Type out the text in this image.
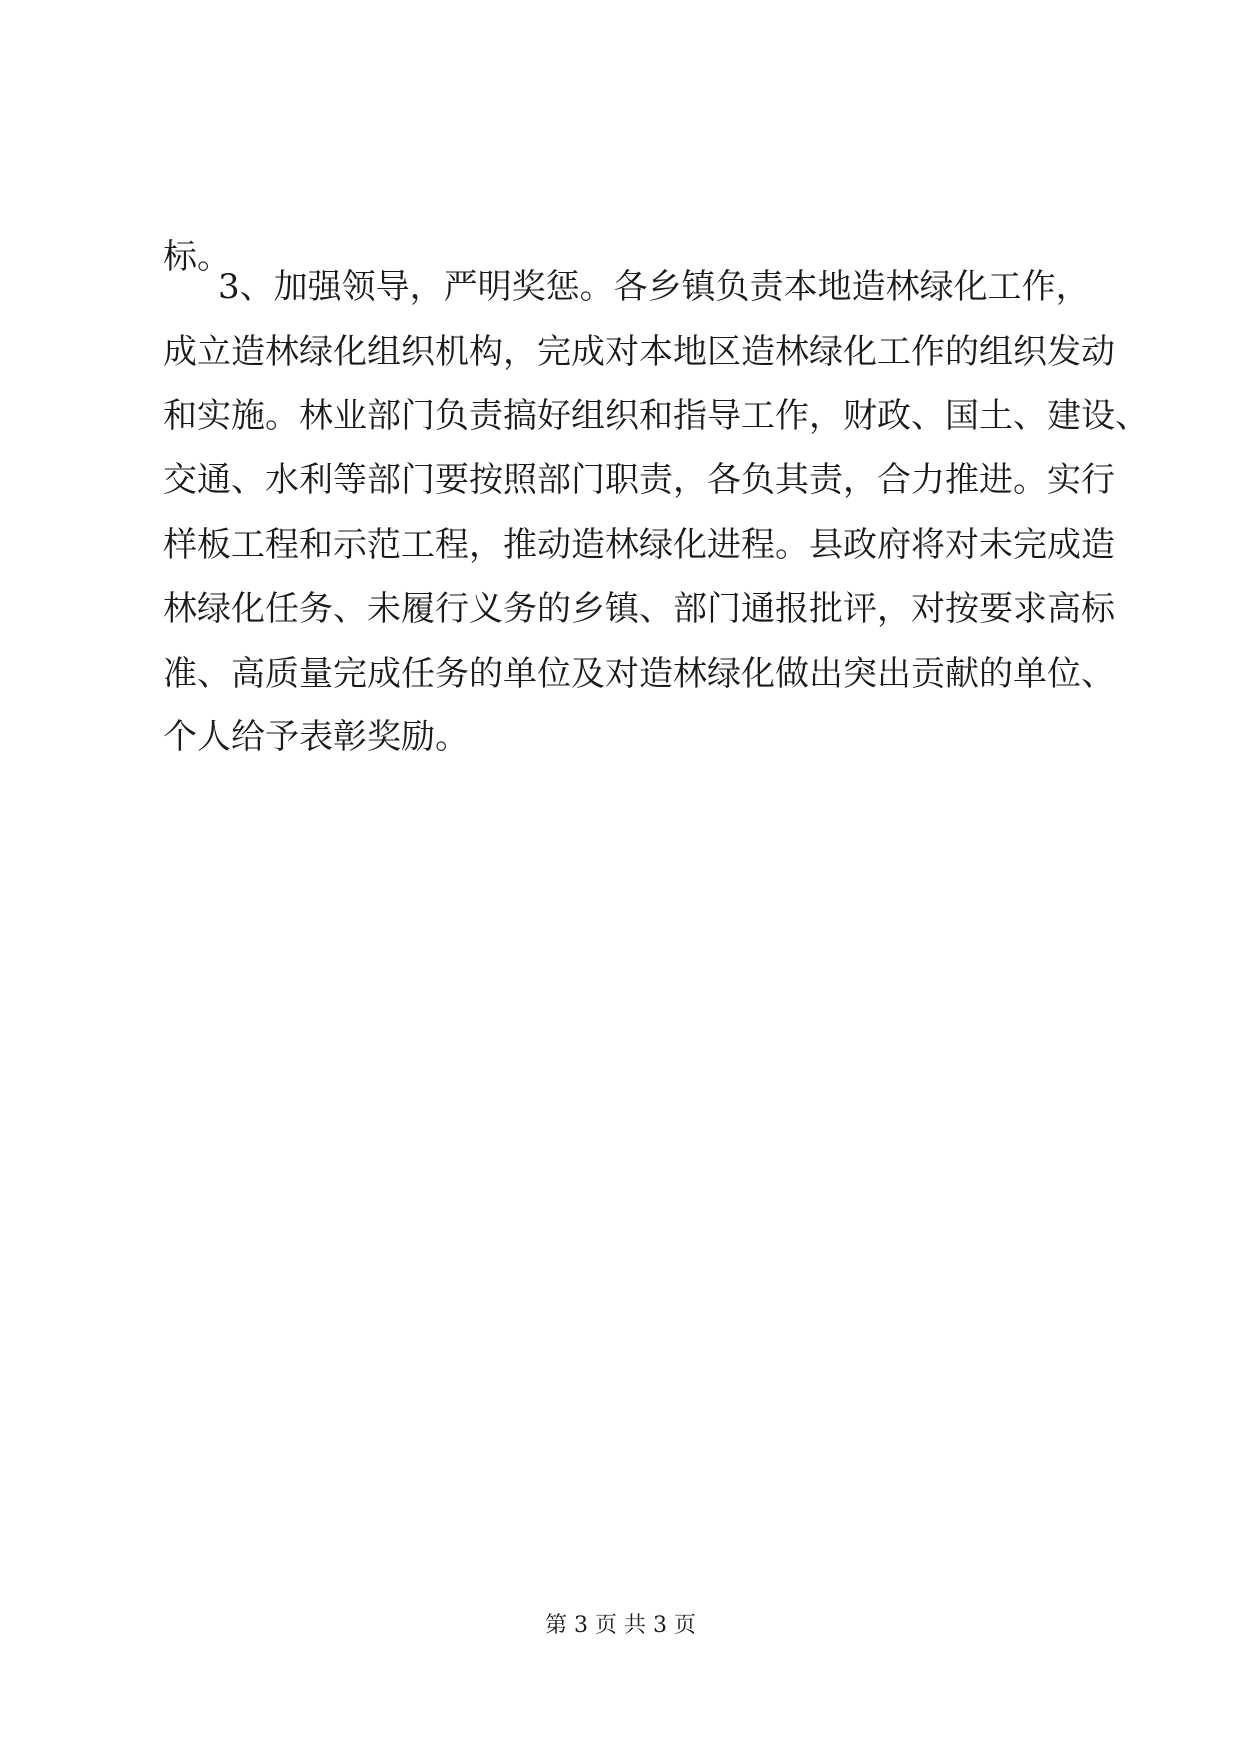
标。
3、加强领导，严明奖惩。各乡镇负责本地造林绿化工作，
成立造林绿化组织机构，完成对本地区造林绿化工作的组织发动
和实施。林业部门负责搞好组织和指导工作，财政、国土、建设、
交通、水利等部门要按照部门职责，各负其责，合力推进。实行
样板工程和示范工程，推动造林绿化进程。县政府将对未完成造
林绿化任务、未履行义务的乡镇、部门通报批评，对按要求高标
准、高质量完成任务的单位及对造林绿化做出突出贡献的单位、
个人给予表彰奖励。
第 3 页 共 3 页
